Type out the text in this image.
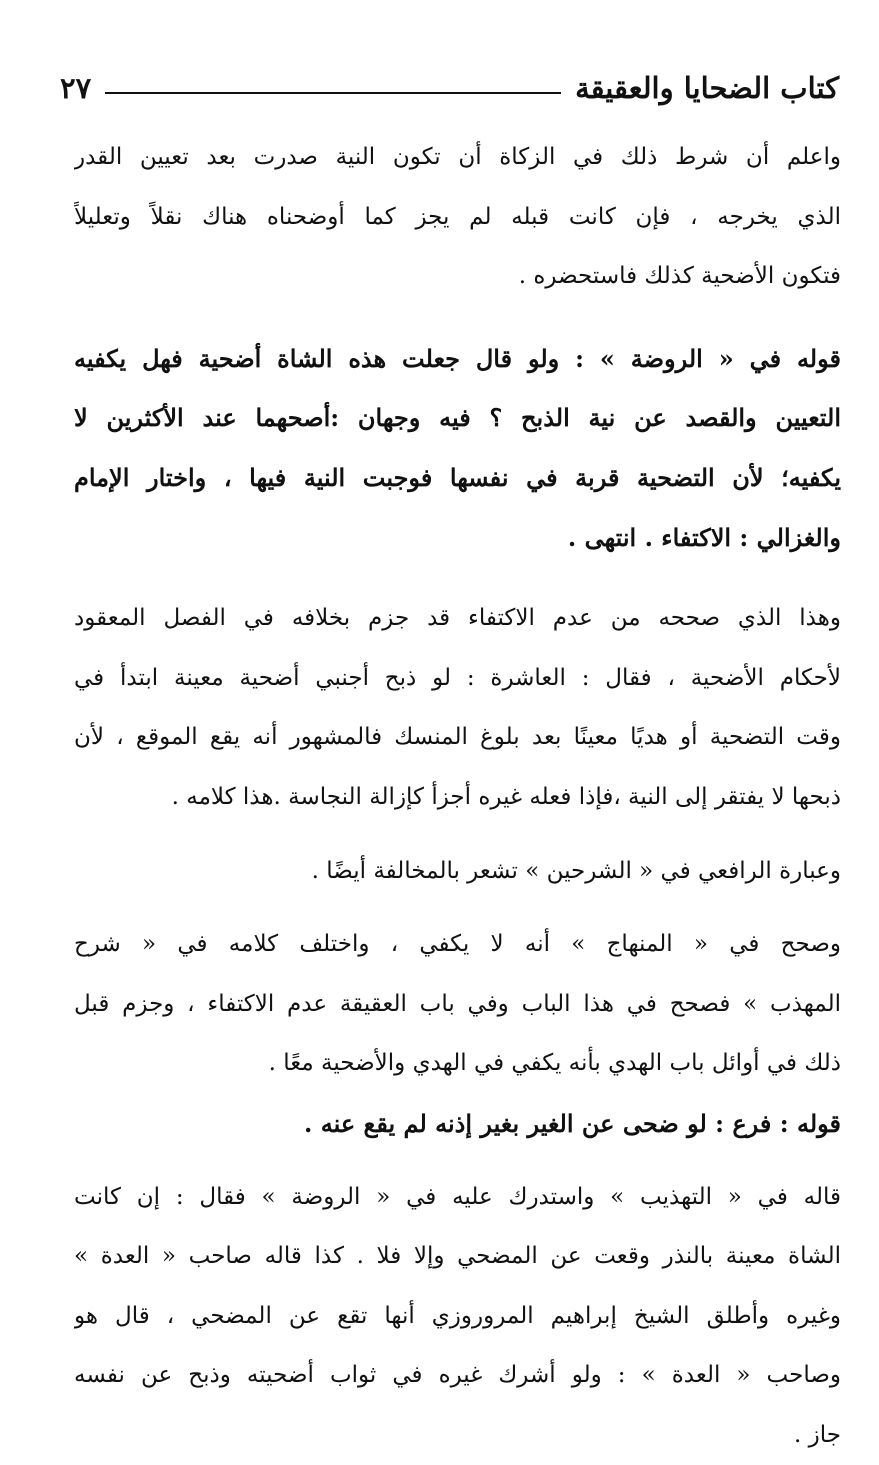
كتاب الضحايا والعقيقة
٢٧

واعلم أن شرط ذلك في الزكاة أن تكون النية صدرت بعد تعيين القدر
الذي يخرجه ، فإن كانت قبله لم يجز كما أوضحناه هناك نقلاً وتعليلاً
فتكون الأضحية كذلك فاستحضره .

قوله في « الروضة » : ولو قال جعلت هذه الشاة أضحية فهل يكفيه
التعيين والقصد عن نية الذبح ؟ فيه وجهان :أصحهما عند الأكثرين لا
يكفيه؛ لأن التضحية قربة في نفسها فوجبت النية فيها ، واختار الإمام
والغزالي : الاكتفاء . انتهى .

وهذا الذي صححه من عدم الاكتفاء قد جزم بخلافه في الفصل المعقود
لأحكام الأضحية ، فقال : العاشرة : لو ذبح أجنبي أضحية معينة ابتدأ في
وقت التضحية أو هديًا معينًا بعد بلوغ المنسك فالمشهور أنه يقع الموقع ، لأن
ذبحها لا يفتقر إلى النية ،فإذا فعله غيره أجزأ كإزالة النجاسة .هذا كلامه .

وعبارة الرافعي في « الشرحين » تشعر بالمخالفة أيضًا .

وصحح في « المنهاج » أنه لا يكفي ، واختلف كلامه في « شرح
المهذب » فصحح في هذا الباب وفي باب العقيقة عدم الاكتفاء ، وجزم قبل
ذلك في أوائل باب الهدي بأنه يكفي في الهدي والأضحية معًا .

قوله : فرع : لو ضحى عن الغير بغير إذنه لم يقع عنه .

قاله في « التهذيب » واستدرك عليه في « الروضة » فقال : إن كانت
الشاة معينة بالنذر وقعت عن المضحي وإلا فلا . كذا قاله صاحب « العدة »
وغيره وأطلق الشيخ إبراهيم المروروزي أنها تقع عن المضحي ، قال هو
وصاحب « العدة » : ولو أشرك غيره في ثواب أضحيته وذبح عن نفسه
جاز .
